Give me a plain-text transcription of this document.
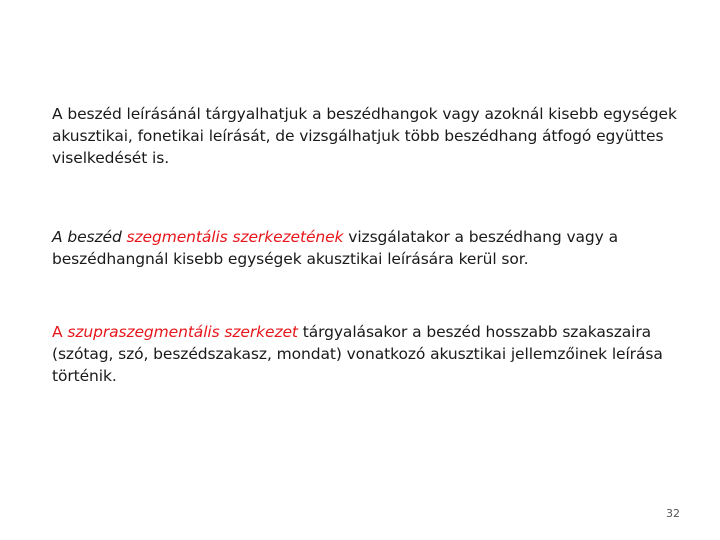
A beszéd leírásánál tárgyalhatjuk a beszédhangok vagy azoknál kisebb egységek akusztikai, fonetikai leírását, de vizsgálhatjuk több beszédhang átfogó együttes viselkedését is.

A beszéd szegmentális szerkezetének vizsgálatakor a beszédhang vagy a beszédhangnál kisebb egységek akusztikai leírására kerül sor.

A szupraszegmentális szerkezet tárgyalásakor a beszéd hosszabb szakaszaira (szótag, szó, beszédszakasz, mondat) vonatkozó akusztikai jellemzőinek leírása történik.

32
